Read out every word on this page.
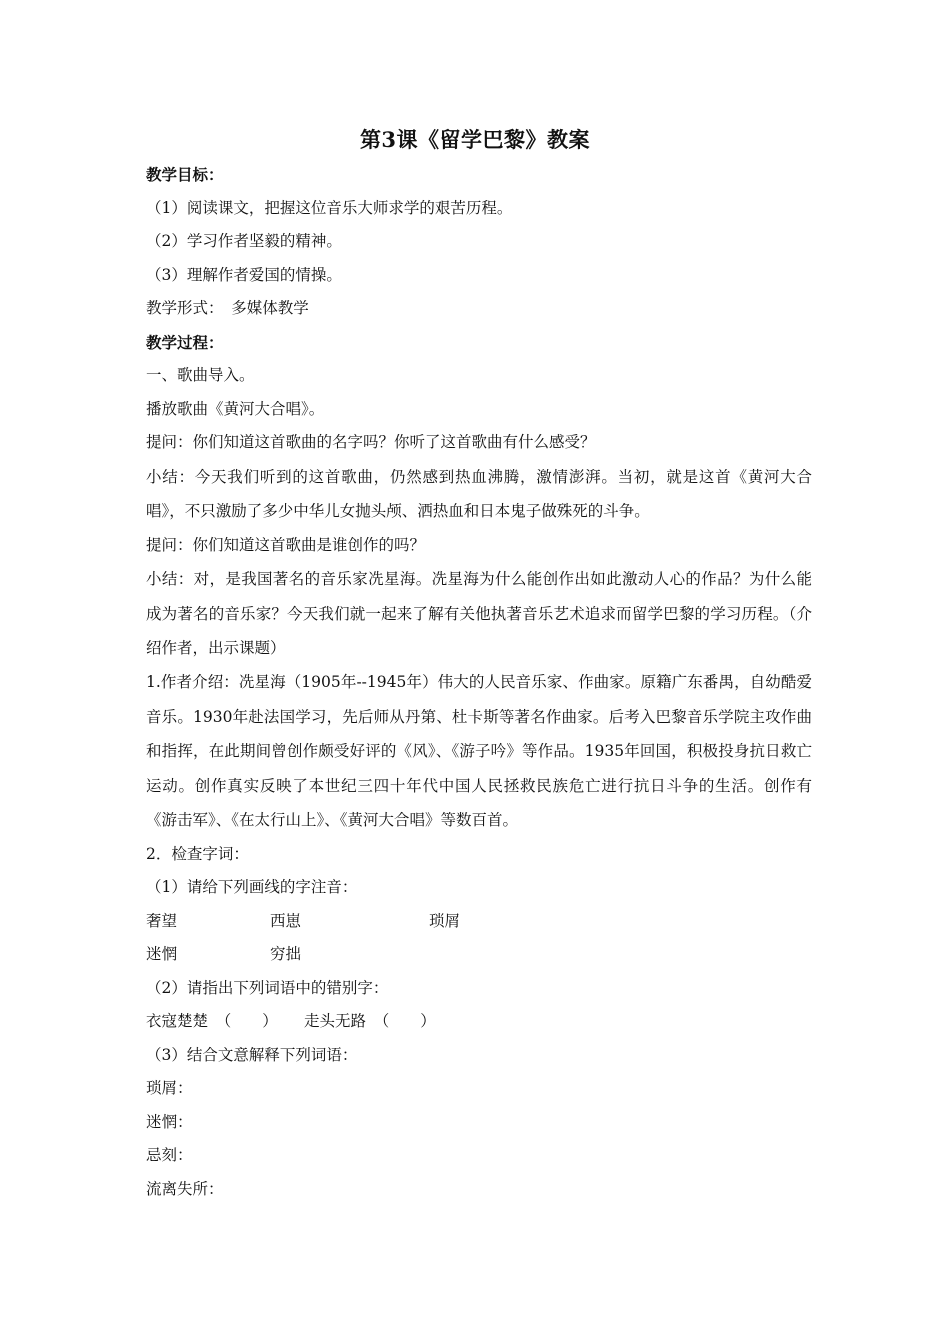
第3课《留学巴黎》教案
教学目标：
（1）阅读课文，把握这位音乐大师求学的艰苦历程。
（2）学习作者坚毅的精神。
（3）理解作者爱国的情操。
教学形式：　多媒体教学
教学过程：
一、歌曲导入。
播放歌曲《黄河大合唱》。
提问：你们知道这首歌曲的名字吗？你听了这首歌曲有什么感受？
小结：今天我们听到的这首歌曲，仍然感到热血沸腾，激情澎湃。当初，就是这首《黄河大合唱》，不只激励了多少中华儿女抛头颅、洒热血和日本鬼子做殊死的斗争。
提问：你们知道这首歌曲是谁创作的吗？
小结：对，是我国著名的音乐家冼星海。冼星海为什么能创作出如此激动人心的作品？为什么能成为著名的音乐家？今天我们就一起来了解有关他执著音乐艺术追求而留学巴黎的学习历程。（介绍作者，出示课题）
1.作者介绍：冼星海（1905年--1945年）伟大的人民音乐家、作曲家。原籍广东番禺，自幼酷爱音乐。1930年赴法国学习，先后师从丹第、杜卡斯等著名作曲家。后考入巴黎音乐学院主攻作曲和指挥，在此期间曾创作颇受好评的《风》、《游子吟》等作品。1935年回国，积极投身抗日救亡运动。创作真实反映了本世纪三四十年代中国人民拯救民族危亡进行抗日斗争的生活。创作有《游击军》、《在太行山上》、《黄河大合唱》等数百首。
2．检查字词：
（1）请给下列画线的字注音：
奢望	西崽	琐屑
迷惘	穷拙
（2）请指出下列词语中的错别字：
衣寇楚楚　（　　） 走头无路　（　　）
（3）结合文意解释下列词语：
琐屑：
迷惘：
忌刻：
流离失所：
